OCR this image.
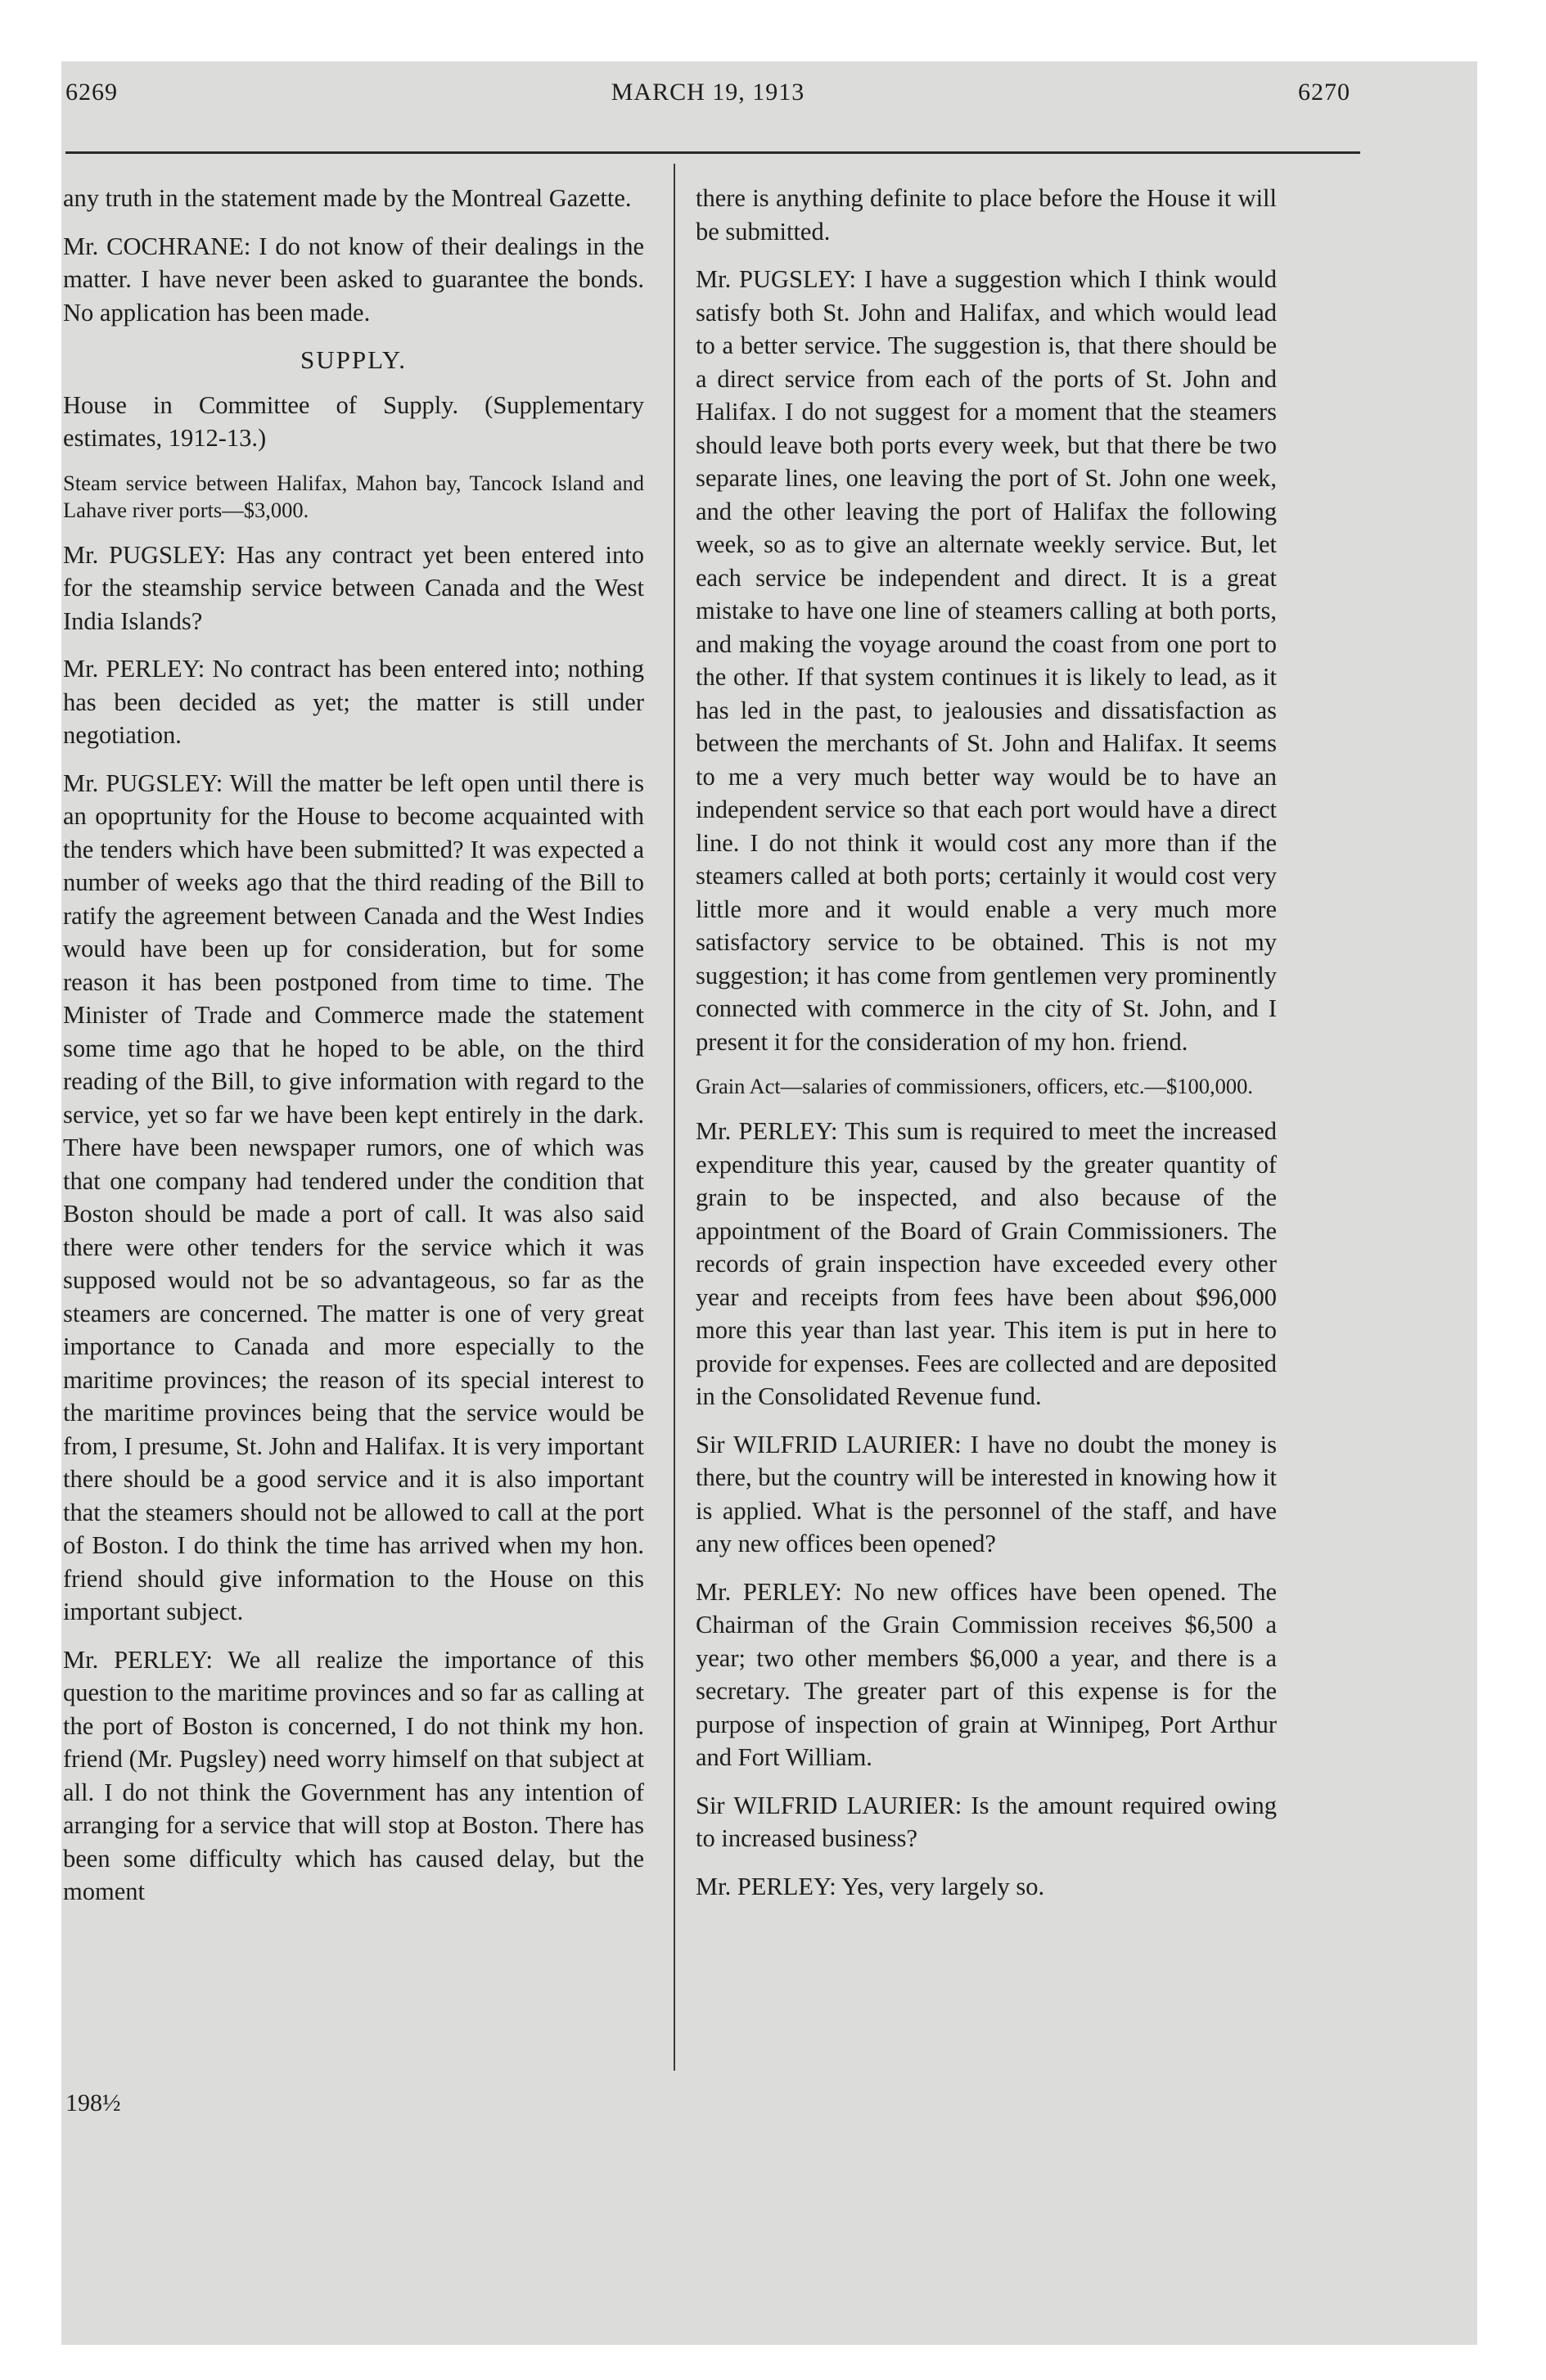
6269	MARCH 19, 1913	6270

any truth in the statement made by the Montreal Gazette.

Mr. COCHRANE: I do not know of their dealings in the matter. I have never been asked to guarantee the bonds. No application has been made.

SUPPLY.

House in Committee of Supply. (Supplementary estimates, 1912-13.)

Steam service between Halifax, Mahon bay, Tancock Island and Lahave river ports—$3,000.

Mr. PUGSLEY: Has any contract yet been entered into for the steamship service between Canada and the West India Islands?

Mr. PERLEY: No contract has been entered into; nothing has been decided as yet; the matter is still under negotiation.

Mr. PUGSLEY: Will the matter be left open until there is an opoprtunity for the House to become acquainted with the tenders which have been submitted? It was expected a number of weeks ago that the third reading of the Bill to ratify the agreement between Canada and the West Indies would have been up for consideration, but for some reason it has been postponed from time to time. The Minister of Trade and Commerce made the statement some time ago that he hoped to be able, on the third reading of the Bill, to give information with regard to the service, yet so far we have been kept entirely in the dark. There have been newspaper rumors, one of which was that one company had tendered under the condition that Boston should be made a port of call. It was also said there were other tenders for the service which it was supposed would not be so advantageous, so far as the steamers are concerned. The matter is one of very great importance to Canada and more especially to the maritime provinces; the reason of its special interest to the maritime provinces being that the service would be from, I presume, St. John and Halifax. It is very important there should be a good service and it is also important that the steamers should not be allowed to call at the port of Boston. I do think the time has arrived when my hon. friend should give information to the House on this important subject.

Mr. PERLEY: We all realize the importance of this question to the maritime provinces and so far as calling at the port of Boston is concerned, I do not think my hon. friend (Mr. Pugsley) need worry himself on that subject at all. I do not think the Government has any intention of arranging for a service that will stop at Boston. There has been some difficulty which has caused delay, but the moment

there is anything definite to place before the House it will be submitted.

Mr. PUGSLEY: I have a suggestion which I think would satisfy both St. John and Halifax, and which would lead to a better service. The suggestion is, that there should be a direct service from each of the ports of St. John and Halifax. I do not suggest for a moment that the steamers should leave both ports every week, but that there be two separate lines, one leaving the port of St. John one week, and the other leaving the port of Halifax the following week, so as to give an alternate weekly service. But, let each service be independent and direct. It is a great mistake to have one line of steamers calling at both ports, and making the voyage around the coast from one port to the other. If that system continues it is likely to lead, as it has led in the past, to jealousies and dissatisfaction as between the merchants of St. John and Halifax. It seems to me a very much better way would be to have an independent service so that each port would have a direct line. I do not think it would cost any more than if the steamers called at both ports; certainly it would cost very little more and it would enable a very much more satisfactory service to be obtained. This is not my suggestion; it has come from gentlemen very prominently connected with commerce in the city of St. John, and I present it for the consideration of my hon. friend.

Grain Act—salaries of commissioners, officers, etc.—$100,000.

Mr. PERLEY: This sum is required to meet the increased expenditure this year, caused by the greater quantity of grain to be inspected, and also because of the appointment of the Board of Grain Commissioners. The records of grain inspection have exceeded every other year and receipts from fees have been about $96,000 more this year than last year. This item is put in here to provide for expenses. Fees are collected and are deposited in the Consolidated Revenue fund.

Sir WILFRID LAURIER: I have no doubt the money is there, but the country will be interested in knowing how it is applied. What is the personnel of the staff, and have any new offices been opened?

Mr. PERLEY: No new offices have been opened. The Chairman of the Grain Commission receives $6,500 a year; two other members $6,000 a year, and there is a secretary. The greater part of this expense is for the purpose of inspection of grain at Winnipeg, Port Arthur and Fort William.

Sir WILFRID LAURIER: Is the amount required owing to increased business?

Mr. PERLEY: Yes, very largely so.

198½
